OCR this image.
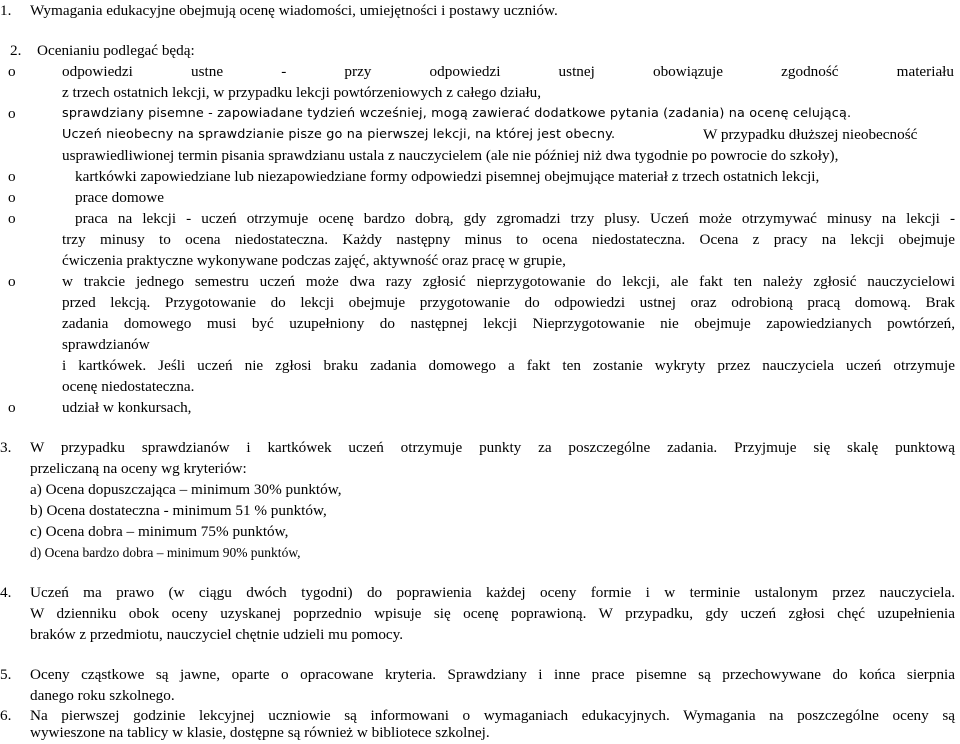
1. Wymagania edukacyjne obejmują ocenę wiadomości, umiejętności i postawy uczniów.
2. Ocenianiu podlegać będą:
o	odpowiedzi ustne - przy odpowiedzi ustnej obowiązuje zgodność materiału
z trzech ostatnich lekcji, w przypadku lekcji powtórzeniowych z całego działu,
o	sprawdziany pisemne - zapowiadane tydzień wcześniej, mogą zawierać dodatkowe pytania (zadania) na ocenę celującą.
Uczeń nieobecny na sprawdzianie pisze go na pierwszej lekcji, na której jest obecny.	W przypadku dłuższej nieobecność
usprawiedliwionej termin pisania sprawdzianu ustala z nauczycielem (ale nie później niż dwa tygodnie po powrocie do szkoły),
o	kartkówki zapowiedziane lub niezapowiedziane formy odpowiedzi pisemnej obejmujące materiał z trzech ostatnich lekcji,
o	prace domowe
o	praca na lekcji - uczeń otrzymuje ocenę bardzo dobrą, gdy zgromadzi trzy plusy. Uczeń może otrzymywać minusy na lekcji -
trzy minusy to ocena niedostateczna. Każdy następny minus to ocena niedostateczna. Ocena z pracy na lekcji obejmuje
ćwiczenia praktyczne wykonywane podczas zajęć, aktywność oraz pracę w grupie,
o	w trakcie jednego semestru uczeń może dwa razy zgłosić nieprzygotowanie do lekcji, ale fakt ten należy zgłosić nauczycielowi
przed lekcją. Przygotowanie do lekcji obejmuje przygotowanie do odpowiedzi ustnej oraz odrobioną pracą domową. Brak
zadania domowego musi być uzupełniony do następnej lekcji Nieprzygotowanie nie obejmuje zapowiedziany​ch powtórzeń,
sprawdzianów
i kartkówek. Jeśli uczeń nie zgłosi braku zadania domowego a fakt ten zostanie wykryty przez nauczyciela uczeń otrzymuje
ocenę niedostateczna.
o	udział w konkursach,
3. W przypadku sprawdzianów i kartkówek uczeń otrzymuje punkty za poszczególne zadania. Przyjmuje się skalę punktową
przeliczaną na oceny wg kryteriów:
a) Ocena dopuszczająca – minimum 30% punktów,
b) Ocena dostateczna - minimum 51 % punktów,
c) Ocena dobra – minimum 75% punktów,
d) Ocena bardzo dobra – minimum 90% punktów,
4. Uczeń ma prawo (w ciągu dwóch tygodni) do poprawienia każdej oceny formie i w terminie ustalonym przez nauczyciela.
W dzienniku obok oceny uzyskanej poprzednio wpisuje się ocenę poprawioną. W przypadku, gdy uczeń zgłosi chęć uzupełnienia
braków z przedmiotu, nauczyciel chętnie udzieli mu pomocy.
5. Oceny cząstkowe są jawne, oparte o opracowane kryteria. Sprawdziany i inne prace pisemne są przechowywane do końca sierpnia
danego roku szkolnego.
6. Na pierwszej godzinie lekcyjnej uczniowie są informowani o wymaganiach edukacyjnych. Wymagania na poszczególne oceny są
wywieszone na tablicy w klasie, dostępne są również w bibliotece szkolnej.
